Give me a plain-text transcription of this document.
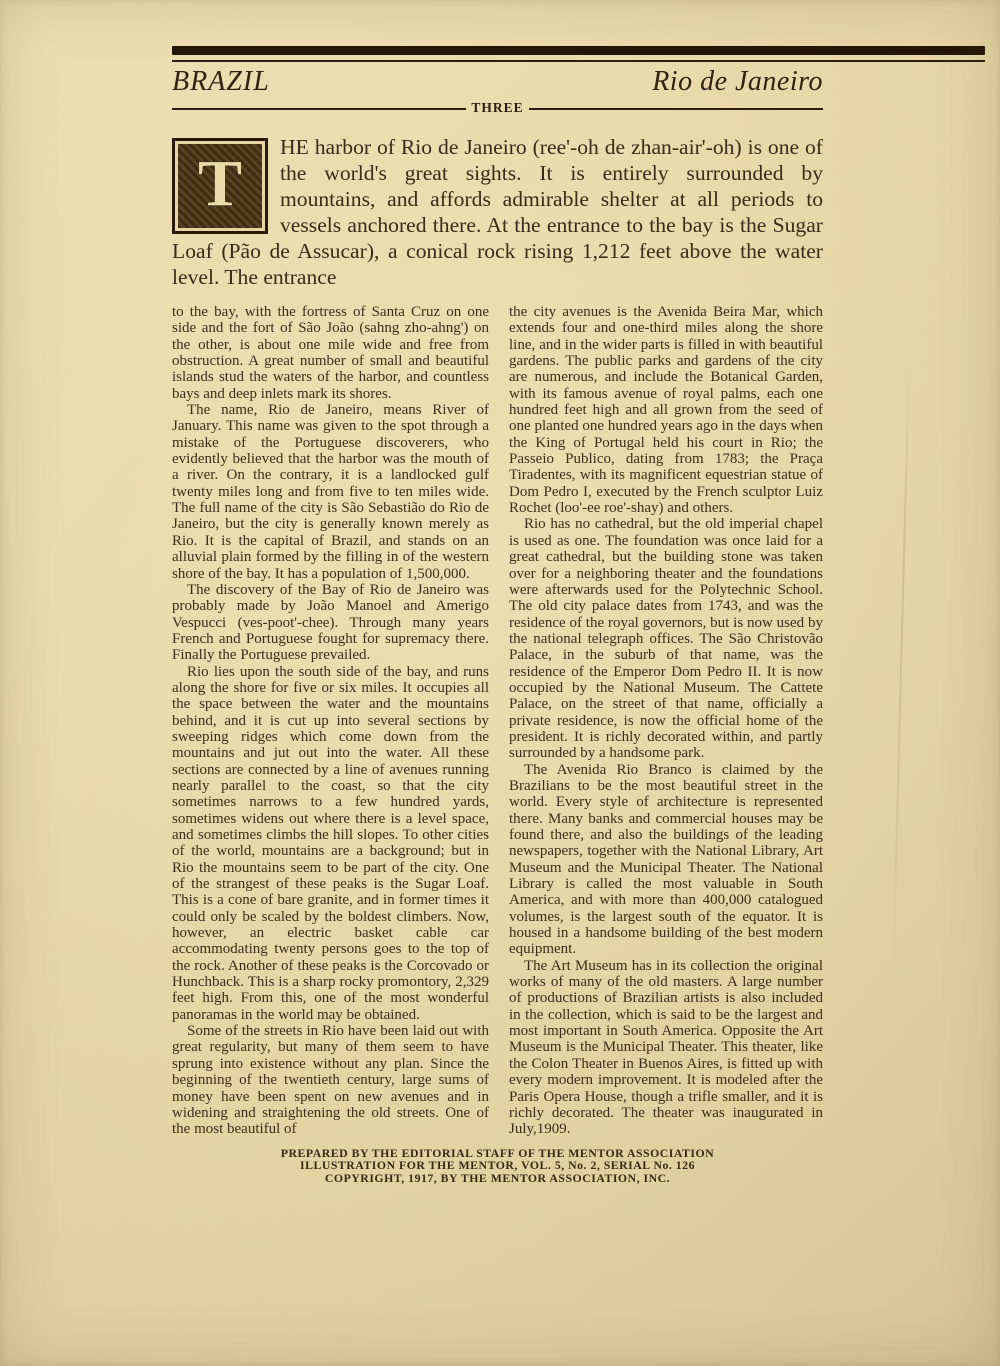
BRAZIL	Rio de Janeiro
THREE
T HE harbor of Rio de Janeiro (ree'-oh de zhan-air'-oh) is one of the world's great sights. It is entirely surrounded by mountains, and affords admirable shelter at all periods to vessels anchored there. At the entrance to the bay is the Sugar Loaf (Pão de Assucar), a conical rock rising 1,212 feet above the water level. The entrance

to the bay, with the fortress of Santa Cruz on one side and the fort of São João (sahng zho-ahng') on the other, is about one mile wide and free from obstruction. A great number of small and beautiful islands stud the waters of the harbor, and countless bays and deep inlets mark its shores.

The name, Rio de Janeiro, means River of January. This name was given to the spot through a mistake of the Portuguese discoverers, who evidently believed that the harbor was the mouth of a river. On the contrary, it is a landlocked gulf twenty miles long and from five to ten miles wide. The full name of the city is São Sebastião do Rio de Janeiro, but the city is generally known merely as Rio. It is the capital of Brazil, and stands on an alluvial plain formed by the filling in of the western shore of the bay. It has a population of 1,500,000.

The discovery of the Bay of Rio de Janeiro was probably made by João Manoel and Amerigo Vespucci (ves-poot'-chee). Through many years French and Portuguese fought for supremacy there. Finally the Portuguese prevailed.

Rio lies upon the south side of the bay, and runs along the shore for five or six miles. It occupies all the space between the water and the mountains behind, and it is cut up into several sections by sweeping ridges which come down from the mountains and jut out into the water. All these sections are connected by a line of avenues running nearly parallel to the coast, so that the city sometimes narrows to a few hundred yards, sometimes widens out where there is a level space, and sometimes climbs the hill slopes. To other cities of the world, mountains are a background; but in Rio the mountains seem to be part of the city. One of the strangest of these peaks is the Sugar Loaf. This is a cone of bare granite, and in former times it could only be scaled by the boldest climbers. Now, however, an electric basket cable car accommodating twenty persons goes to the top of the rock. Another of these peaks is the Corcovado or Hunchback. This is a sharp rocky promontory, 2,329 feet high. From this, one of the most wonderful panoramas in the world may be obtained.

Some of the streets in Rio have been laid out with great regularity, but many of them seem to have sprung into existence without any plan. Since the beginning of the twentieth century, large sums of money have been spent on new avenues and in widening and straightening the old streets. One of the most beautiful of

the city avenues is the Avenida Beira Mar, which extends four and one-third miles along the shore line, and in the wider parts is filled in with beautiful gardens. The public parks and gardens of the city are numerous, and include the Botanical Garden, with its famous avenue of royal palms, each one hundred feet high and all grown from the seed of one planted one hundred years ago in the days when the King of Portugal held his court in Rio; the Passeio Publico, dating from 1783; the Praça Tiradentes, with its magnificent equestrian statue of Dom Pedro I, executed by the French sculptor Luiz Rochet (loo'-ee roe'-shay) and others.

Rio has no cathedral, but the old imperial chapel is used as one. The foundation was once laid for a great cathedral, but the building stone was taken over for a neighboring theater and the foundations were afterwards used for the Polytechnic School. The old city palace dates from 1743, and was the residence of the royal governors, but is now used by the national telegraph offices. The São Christovão Palace, in the suburb of that name, was the residence of the Emperor Dom Pedro II. It is now occupied by the National Museum. The Cattete Palace, on the street of that name, officially a private residence, is now the official home of the president. It is richly decorated within, and partly surrounded by a handsome park.

The Avenida Rio Branco is claimed by the Brazilians to be the most beautiful street in the world. Every style of architecture is represented there. Many banks and commercial houses may be found there, and also the buildings of the leading newspapers, together with the National Library, Art Museum and the Municipal Theater. The National Library is called the most valuable in South America, and with more than 400,000 catalogued volumes, is the largest south of the equator. It is housed in a handsome building of the best modern equipment.

The Art Museum has in its collection the original works of many of the old masters. A large number of productions of Brazilian artists is also included in the collection, which is said to be the largest and most important in South America. Opposite the Art Museum is the Municipal Theater. This theater, like the Colon Theater in Buenos Aires, is fitted up with every modern improvement. It is modeled after the Paris Opera House, though a trifle smaller, and it is richly decorated. The theater was inaugurated in July,1909.

PREPARED BY THE EDITORIAL STAFF OF THE MENTOR ASSOCIATION
ILLUSTRATION FOR THE MENTOR, VOL. 5, No. 2, SERIAL No. 126
COPYRIGHT, 1917, BY THE MENTOR ASSOCIATION, INC.
